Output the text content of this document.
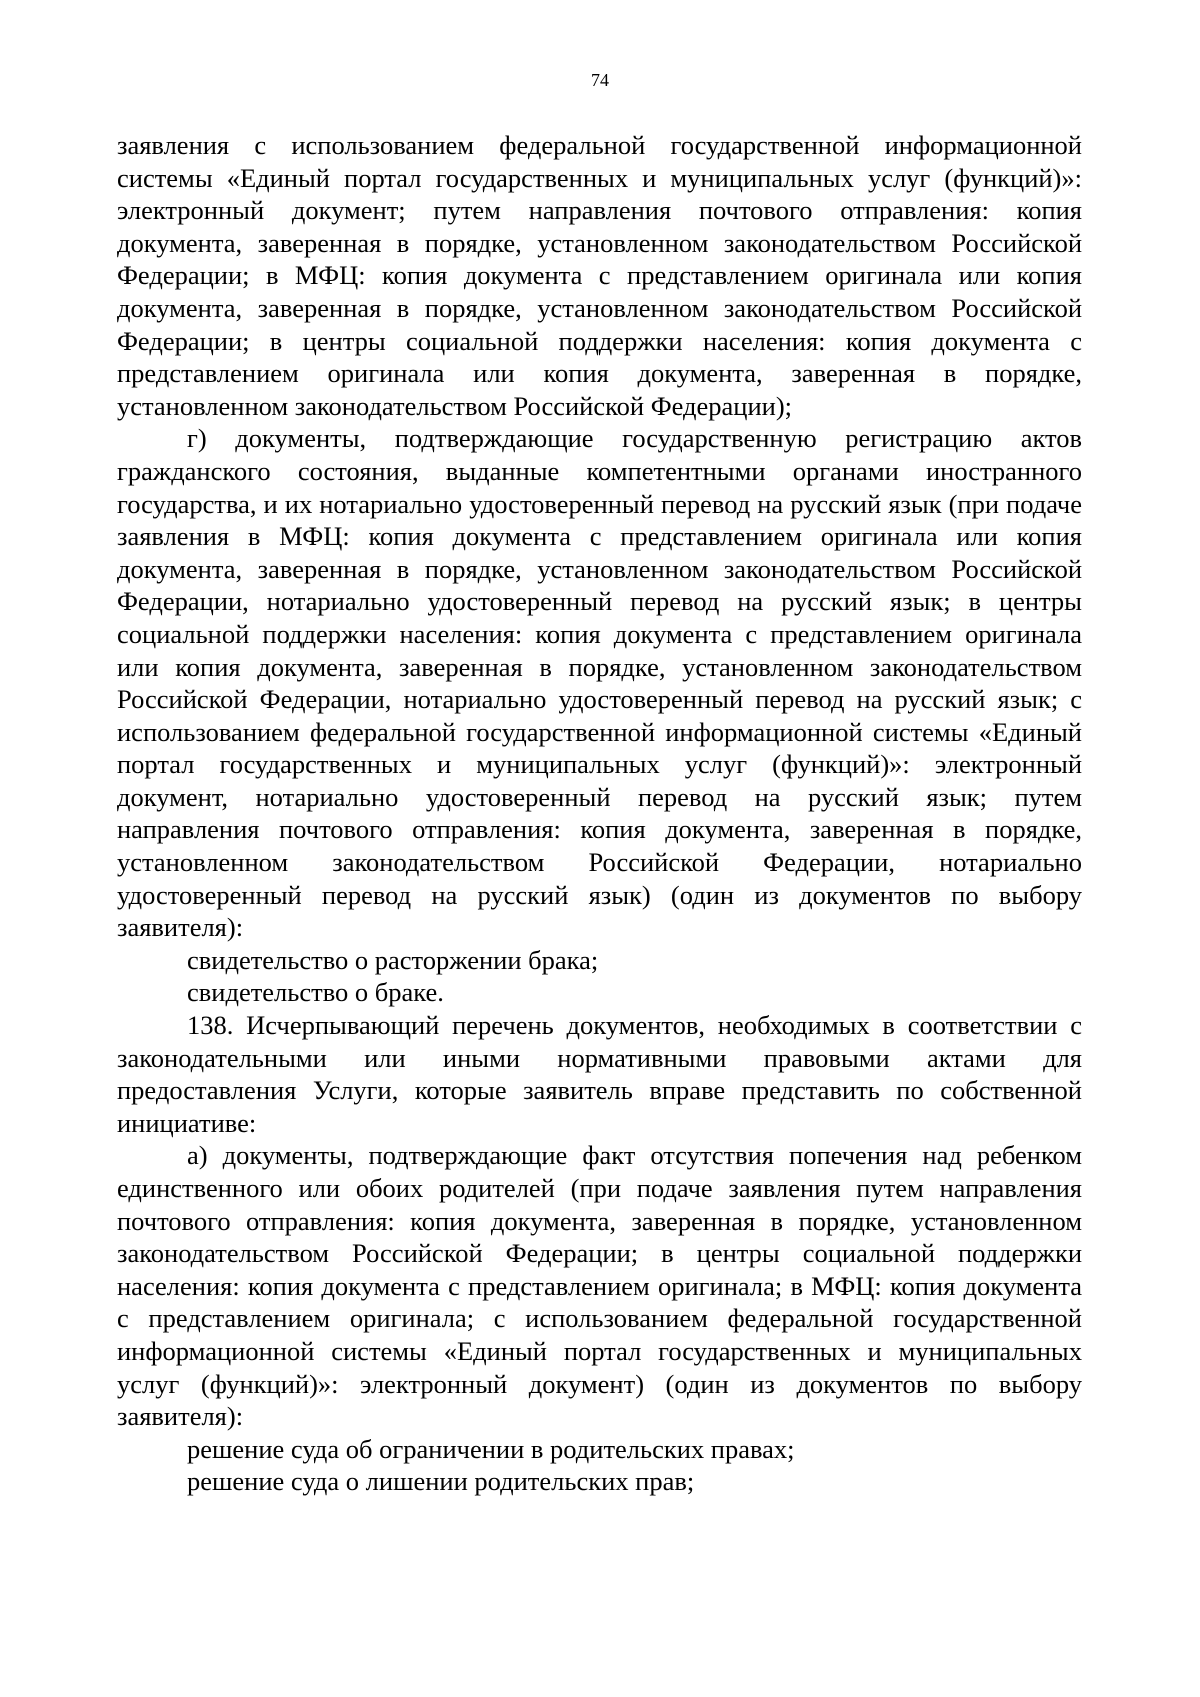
74

заявления с использованием федеральной государственной информационной системы «Единый портал государственных и муниципальных услуг (функций)»: электронный документ; путем направления почтового отправления: копия документа, заверенная в порядке, установленном законодательством Российской Федерации; в МФЦ: копия документа с представлением оригинала или копия документа, заверенная в порядке, установленном законодательством Российской Федерации; в центры социальной поддержки населения: копия документа с представлением оригинала или копия документа, заверенная в порядке, установленном законодательством Российской Федерации);

г) документы, подтверждающие государственную регистрацию актов гражданского состояния, выданные компетентными органами иностранного государства, и их нотариально удостоверенный перевод на русский язык (при подаче заявления в МФЦ: копия документа с представлением оригинала или копия документа, заверенная в порядке, установленном законодательством Российской Федерации, нотариально удостоверенный перевод на русский язык; в центры социальной поддержки населения: копия документа с представлением оригинала или копия документа, заверенная в порядке, установленном законодательством Российской Федерации, нотариально удостоверенный перевод на русский язык; с использованием федеральной государственной информационной системы «Единый портал государственных и муниципальных услуг (функций)»: электронный документ, нотариально удостоверенный перевод на русский язык; путем направления почтового отправления: копия документа, заверенная в порядке, установленном законодательством Российской Федерации, нотариально удостоверенный перевод на русский язык) (один из документов по выбору заявителя):

свидетельство о расторжении брака;

свидетельство о браке.

138. Исчерпывающий перечень документов, необходимых в соответствии с законодательными или иными нормативными правовыми актами для предоставления Услуги, которые заявитель вправе представить по собственной инициативе:

а) документы, подтверждающие факт отсутствия попечения над ребенком единственного или обоих родителей (при подаче заявления путем направления почтового отправления: копия документа, заверенная в порядке, установленном законодательством Российской Федерации; в центры социальной поддержки населения: копия документа с представлением оригинала; в МФЦ: копия документа с представлением оригинала; с использованием федеральной государственной информационной системы «Единый портал государственных и муниципальных услуг (функций)»: электронный документ) (один из документов по выбору заявителя):

решение суда об ограничении в родительских правах;

решение суда о лишении родительских прав;
